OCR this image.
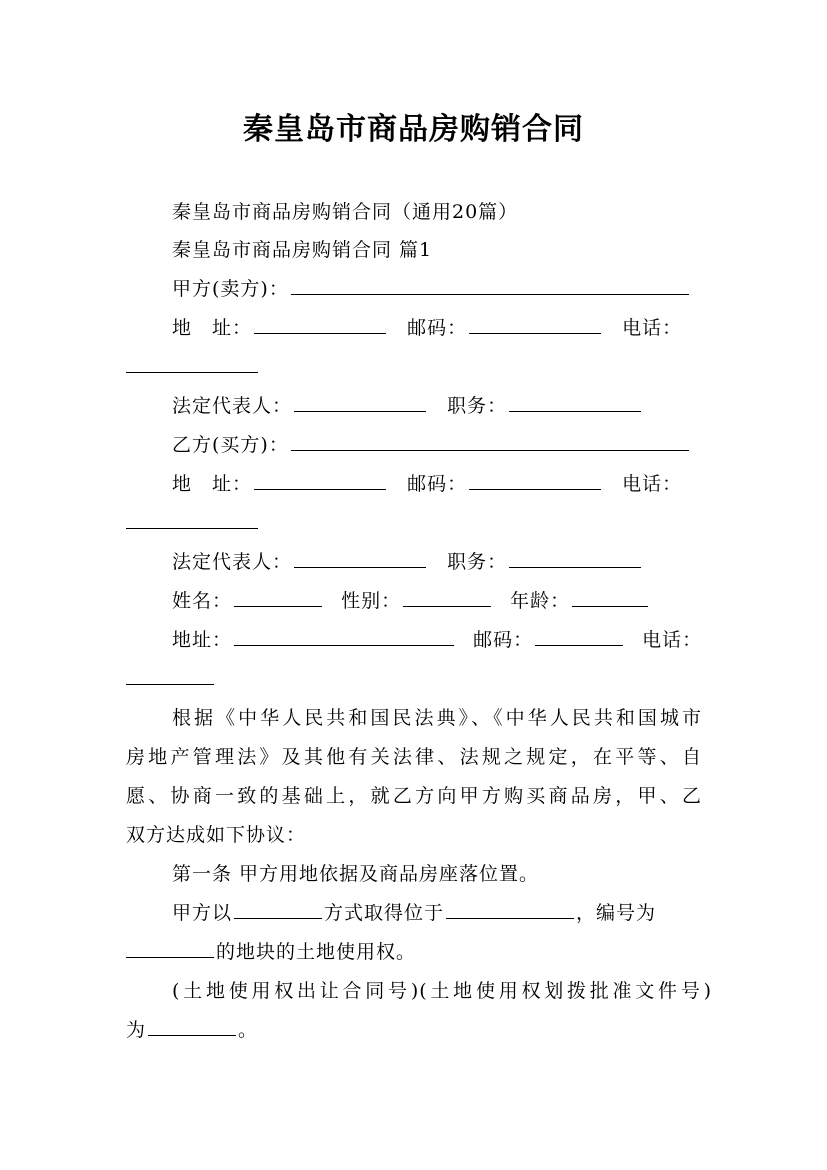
秦皇岛市商品房购销合同
秦皇岛市商品房购销合同（通用20篇）
秦皇岛市商品房购销合同 篇1
甲方(卖方)：
地　址：	邮码：	电话：
法定代表人：	职务：
乙方(买方)：
地　址：	邮码：	电话：
法定代表人：	职务：
姓名：	性别：	年龄：
地址：	邮码：	电话：
根据《中华人民共和国民法典》、《中华人民共和国城市
房地产管理法》及其他有关法律、法规之规定，在平等、自
愿、协商一致的基础上，就乙方向甲方购买商品房，甲、乙
双方达成如下协议：
第一条 甲方用地依据及商品房座落位置。
甲方以	方式取得位于	，编号为
的地块的土地使用权。
(土地使用权出让合同号)(土地使用权划拨批准文件号)
为	。
